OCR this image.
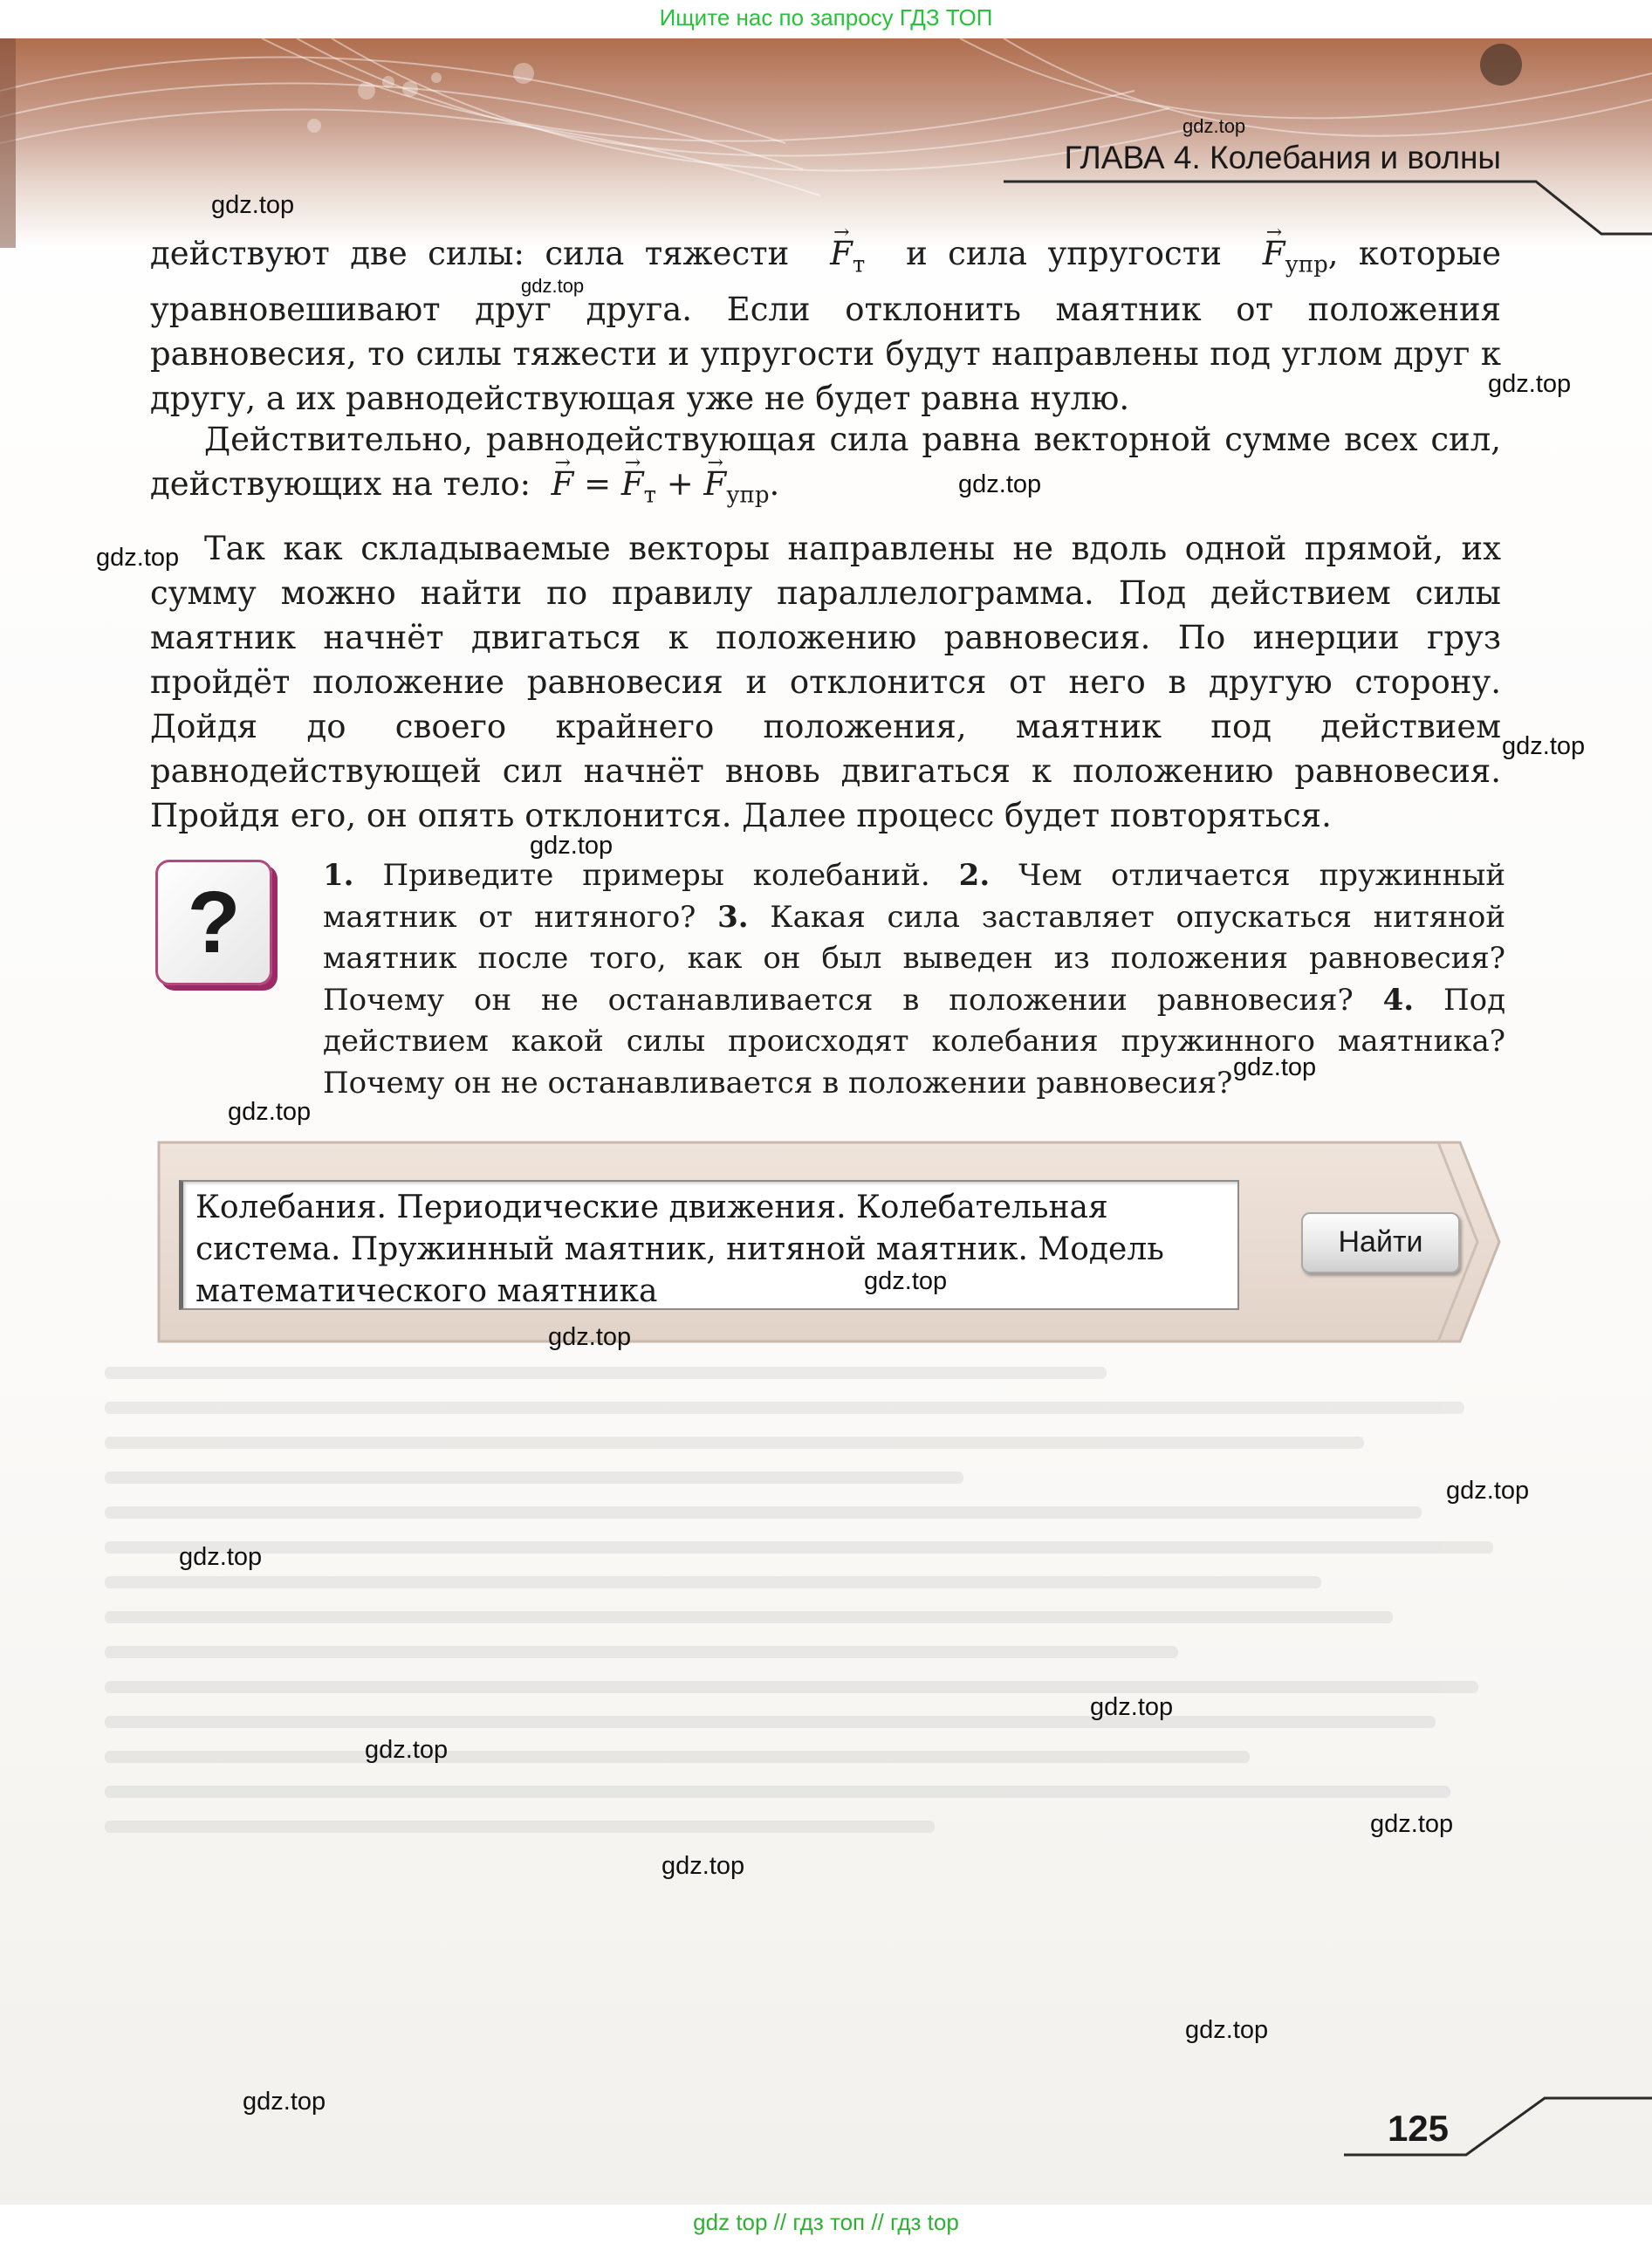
Ищите нас по запросу ГДЗ ТОП
ГЛАВА 4. Колебания и волны
действуют две силы: сила тяжести → $F_т$ и сила упругости → $F_{упр}$, которые уравновешивают друг друга. Если отклонить маятник от положения равновесия, то силы тяжести и упругости будут направлены под углом друг к другу, а их равнодействующая уже не будет равна нулю.
Действительно, равнодействующая сила равна векторной сумме всех сил, действующих на тело: → F = → $F_т$ + → $F_{упр}$.
Так как складываемые векторы направлены не вдоль одной прямой, их сумму можно найти по правилу параллелограмма. Под действием силы маятник начнёт двигаться к положению равновесия. По инерции груз пройдёт положение равновесия и отклонится от него в другую сторону. Дойдя до своего крайнего положения, маятник под действием равнодействующей сил начнёт вновь двигаться к положению равновесия. Пройдя его, он опять отклонится. Далее процесс будет повторяться.
?	1. Приведите примеры колебаний. 2. Чем отличается пружинный маятник от нитяного? 3. Какая сила заставляет опускаться нитяной маятник после того, как он был выведен из положения равновесия? Почему он не останавливается в положении равновесия? 4. Под действием какой силы происходят колебания пружинного маятника? Почему он не останавливается в положении равновесия?
Колебания. Периодические движения. Колебательная система. Пружинный маятник, нитяной маятник. Модель математического маятника
Найти
gdz.top
gdz.top
gdz.top
gdz.top
gdz.top
gdz.top
gdz.top
gdz.top
gdz.top
gdz.top
gdz.top
gdz.top
gdz.top
gdz.top
gdz.top
gdz.top
gdz.top
gdz.top
gdz.top
gdz.top
125
gdz top // гдз топ // гдз top
